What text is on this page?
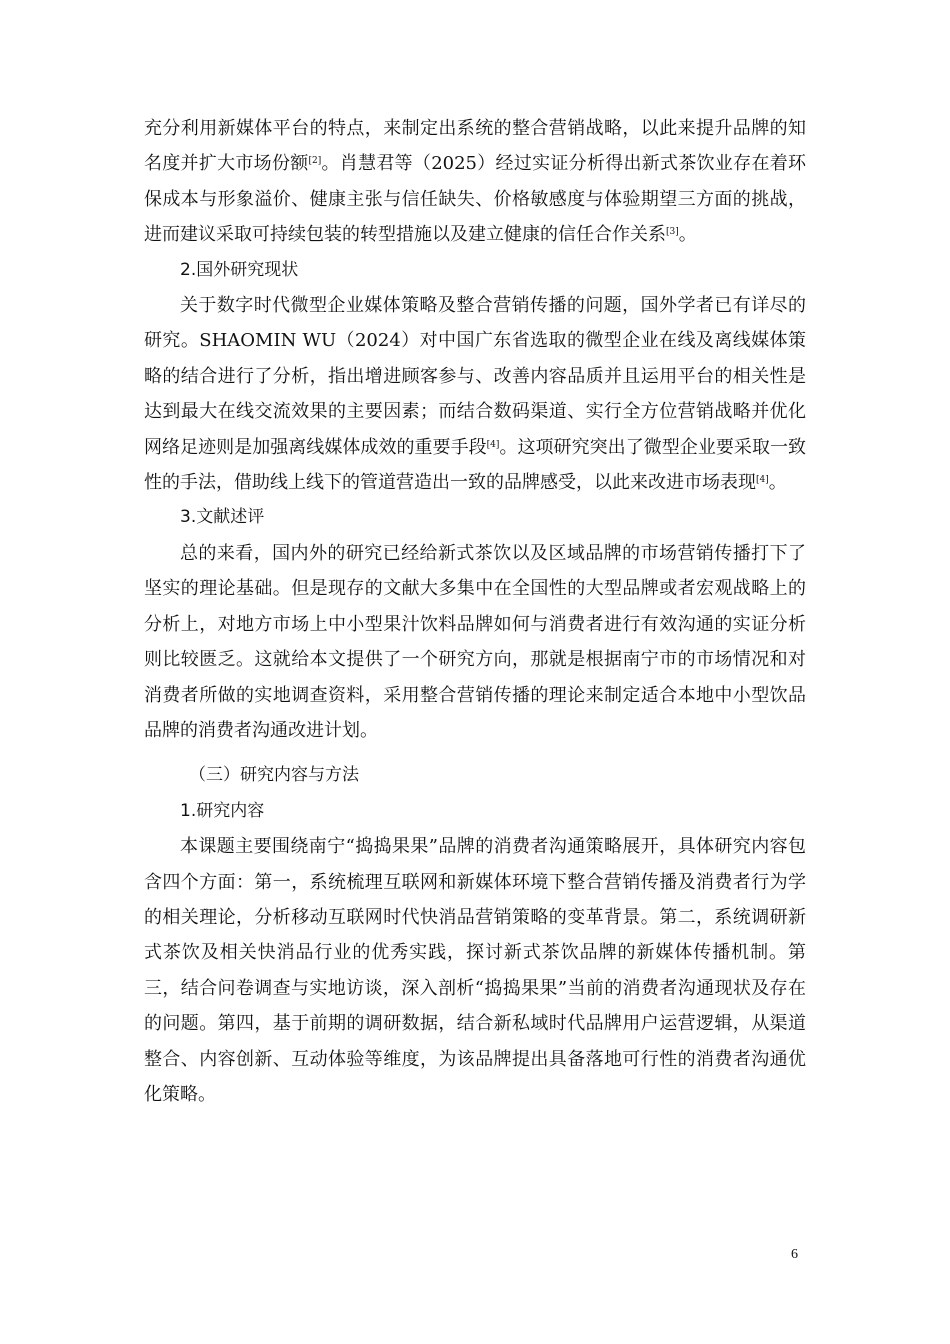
充分利用新媒体平台的特点，来制定出系统的整合营销战略，以此来提升品牌的知名度并扩大市场份额[2]。肖慧君等（2025）经过实证分析得出新式茶饮业存在着环保成本与形象溢价、健康主张与信任缺失、价格敏感度与体验期望三方面的挑战，进而建议采取可持续包装的转型措施以及建立健康的信任合作关系[3]。

2.国外研究现状

关于数字时代微型企业媒体策略及整合营销传播的问题，国外学者已有详尽的研究。SHAOMIN WU（2024）对中国广东省选取的微型企业在线及离线媒体策略的结合进行了分析，指出增进顾客参与、改善内容品质并且运用平台的相关性是达到最大在线交流效果的主要因素；而结合数码渠道、实行全方位营销战略并优化网络足迹则是加强离线媒体成效的重要手段[4]。这项研究突出了微型企业要采取一致性的手法，借助线上线下的管道营造出一致的品牌感受，以此来改进市场表现[4]。

3.文献述评

总的来看，国内外的研究已经给新式茶饮以及区域品牌的市场营销传播打下了坚实的理论基础。但是现存的文献大多集中在全国性的大型品牌或者宏观战略上的分析上，对地方市场上中小型果汁饮料品牌如何与消费者进行有效沟通的实证分析则比较匮乏。这就给本文提供了一个研究方向，那就是根据南宁市的市场情况和对消费者所做的实地调查资料，采用整合营销传播的理论来制定适合本地中小型饮品品牌的消费者沟通改进计划。

（三）研究内容与方法

1.研究内容

本课题主要围绕南宁“捣捣果果”品牌的消费者沟通策略展开，具体研究内容包含四个方面：第一，系统梳理互联网和新媒体环境下整合营销传播及消费者行为学的相关理论，分析移动互联网时代快消品营销策略的变革背景。第二，系统调研新式茶饮及相关快消品行业的优秀实践，探讨新式茶饮品牌的新媒体传播机制。第三，结合问卷调查与实地访谈，深入剖析“捣捣果果”当前的消费者沟通现状及存在的问题。第四，基于前期的调研数据，结合新私域时代品牌用户运营逻辑，从渠道整合、内容创新、互动体验等维度，为该品牌提出具备落地可行性的消费者沟通优化策略。

6
